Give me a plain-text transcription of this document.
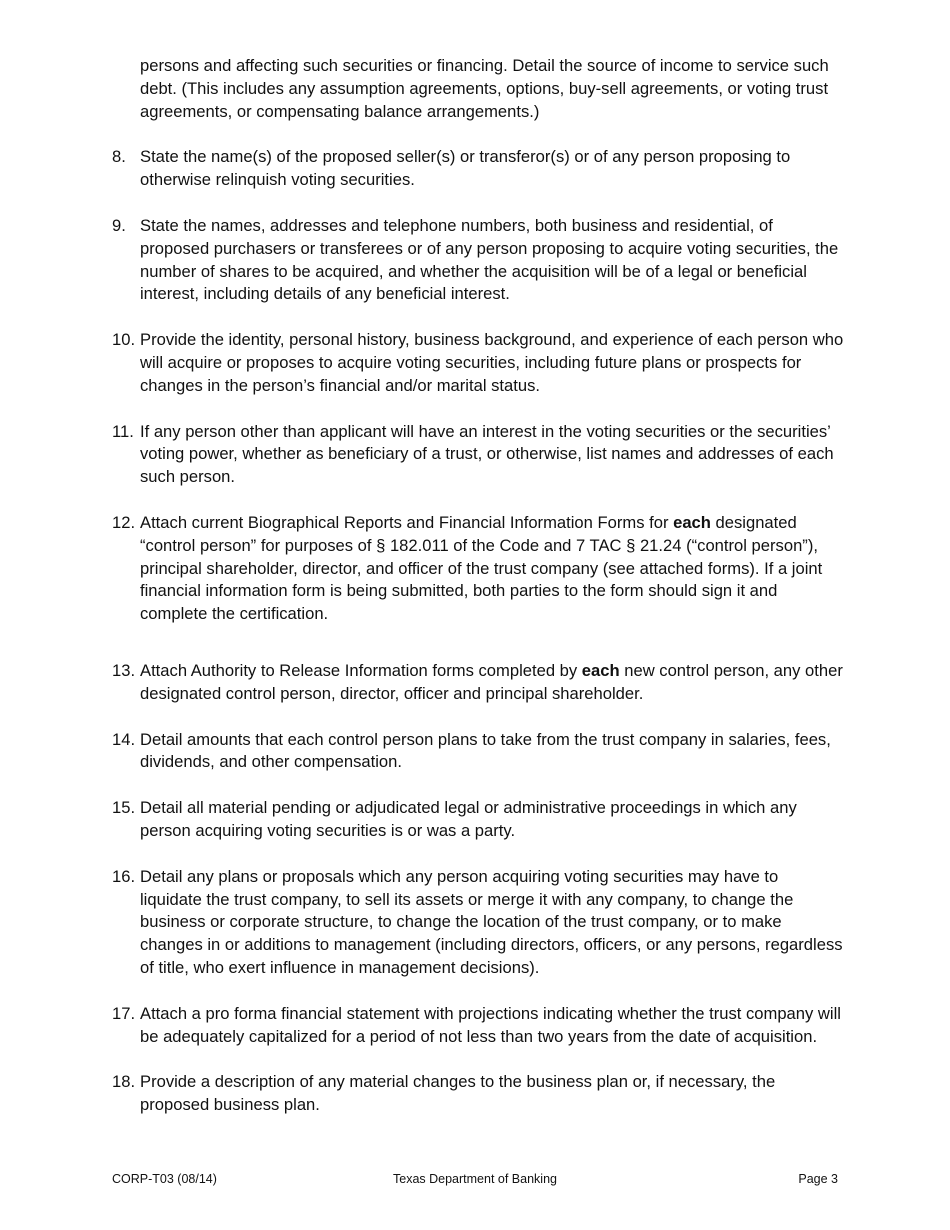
persons and affecting such securities or financing. Detail the source of income to service such debt. (This includes any assumption agreements, options, buy-sell agreements, or voting trust agreements, or compensating balance arrangements.)

8. State the name(s) of the proposed seller(s) or transferor(s) or of any person proposing to otherwise relinquish voting securities.
9. State the names, addresses and telephone numbers, both business and residential, of proposed purchasers or transferees or of any person proposing to acquire voting securities, the number of shares to be acquired, and whether the acquisition will be of a legal or beneficial interest, including details of any beneficial interest.
10. Provide the identity, personal history, business background, and experience of each person who will acquire or proposes to acquire voting securities, including future plans or prospects for changes in the person’s financial and/or marital status.
11. If any person other than applicant will have an interest in the voting securities or the securities’ voting power, whether as beneficiary of a trust, or otherwise, list names and addresses of each such person.
12. Attach current Biographical Reports and Financial Information Forms for each designated “control person” for purposes of § 182.011 of the Code and 7 TAC § 21.24 (“control person”), principal shareholder, director, and officer of the trust company (see attached forms). If a joint financial information form is being submitted, both parties to the form should sign it and complete the certification.
13. Attach Authority to Release Information forms completed by each new control person, any other designated control person, director, officer and principal shareholder.
14. Detail amounts that each control person plans to take from the trust company in salaries, fees, dividends, and other compensation.
15. Detail all material pending or adjudicated legal or administrative proceedings in which any person acquiring voting securities is or was a party.
16. Detail any plans or proposals which any person acquiring voting securities may have to liquidate the trust company, to sell its assets or merge it with any company, to change the business or corporate structure, to change the location of the trust company, or to make changes in or additions to management (including directors, officers, or any persons, regardless of title, who exert influence in management decisions).
17. Attach a pro forma financial statement with projections indicating whether the trust company will be adequately capitalized for a period of not less than two years from the date of acquisition.
18. Provide a description of any material changes to the business plan or, if necessary, the proposed business plan.
CORP-T03 (08/14)	Texas Department of Banking	Page 3
